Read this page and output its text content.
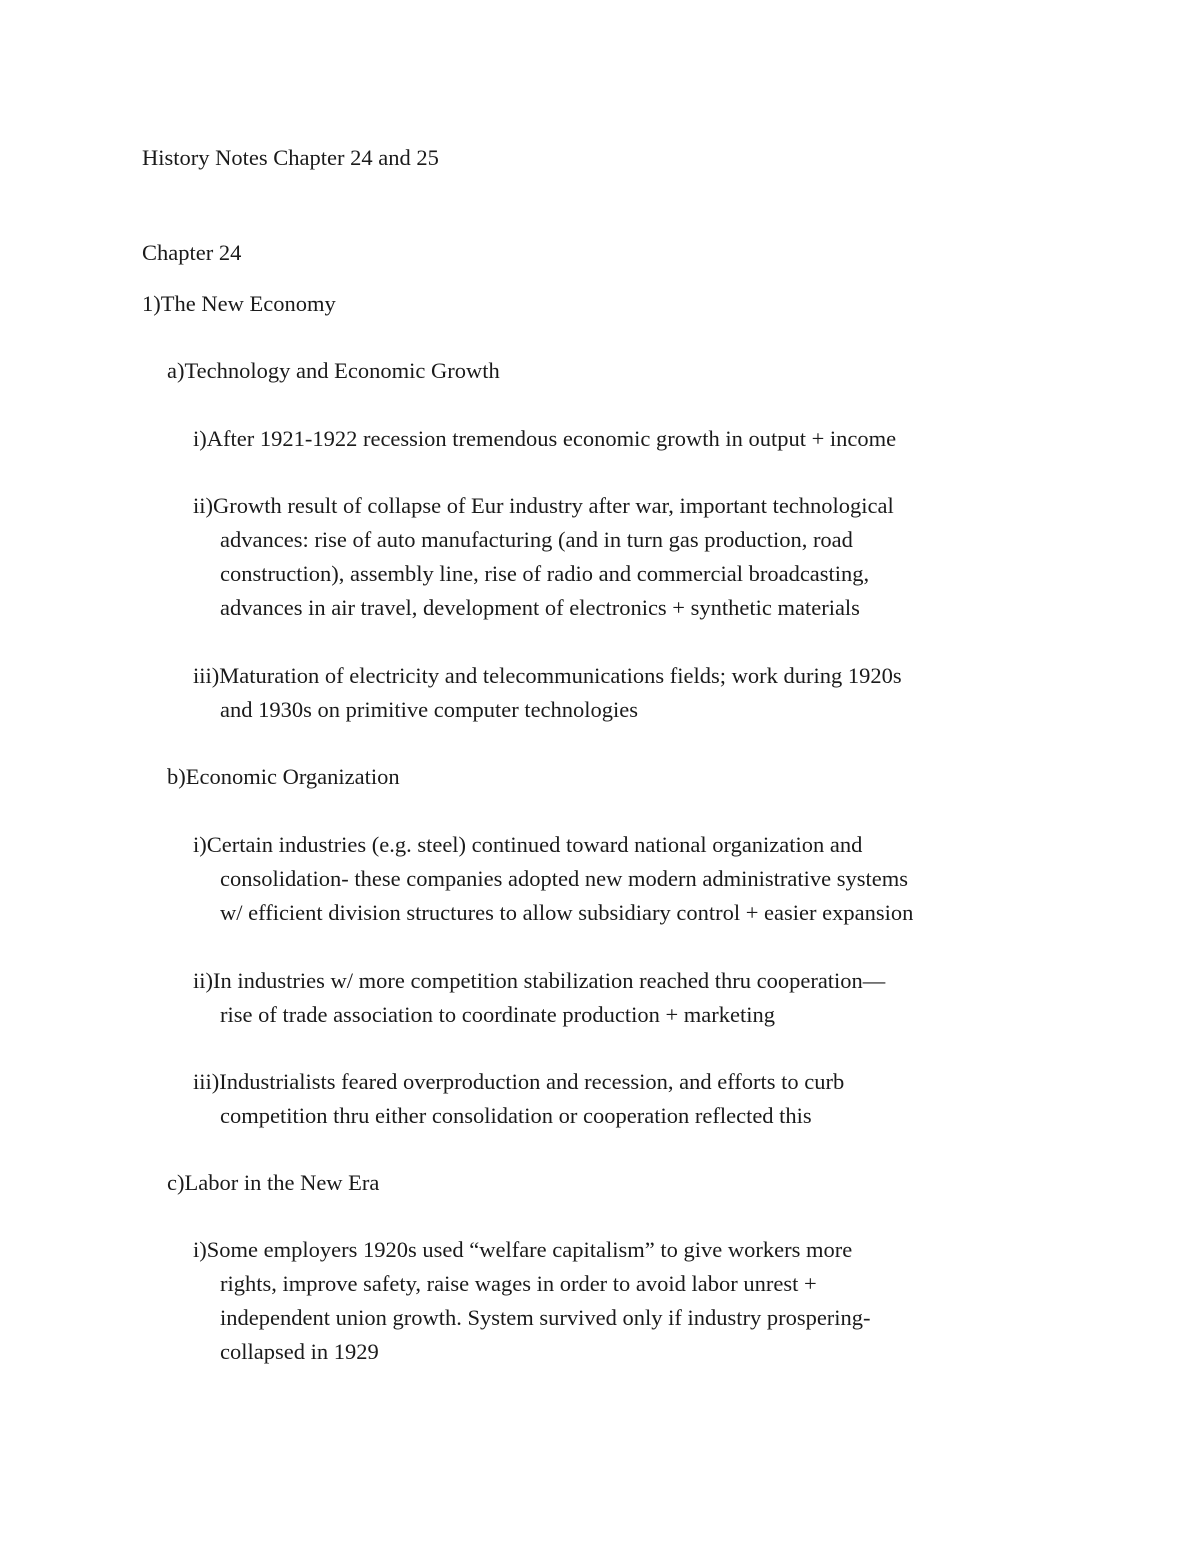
History Notes Chapter 24 and 25

Chapter 24

1)The New Economy

a)Technology and Economic Growth

i)After 1921-1922 recession tremendous economic growth in output + income

ii)Growth result of collapse of Eur industry after war, important technological

advances: rise of auto manufacturing (and in turn gas production, road

construction), assembly line, rise of radio and commercial broadcasting,

advances in air travel, development of electronics + synthetic materials

iii)Maturation of electricity and telecommunications fields; work during 1920s

and 1930s on primitive computer technologies

b)Economic Organization

i)Certain industries (e.g. steel) continued toward national organization and

consolidation- these companies adopted new modern administrative systems

w/ efficient division structures to allow subsidiary control + easier expansion

ii)In industries w/ more competition stabilization reached thru cooperation—

rise of trade association to coordinate production + marketing

iii)Industrialists feared overproduction and recession, and efforts to curb

competition thru either consolidation or cooperation reflected this

c)Labor in the New Era

i)Some employers 1920s used “welfare capitalism” to give workers more

rights, improve safety, raise wages in order to avoid labor unrest +

independent union growth. System survived only if industry prospering-

collapsed in 1929
